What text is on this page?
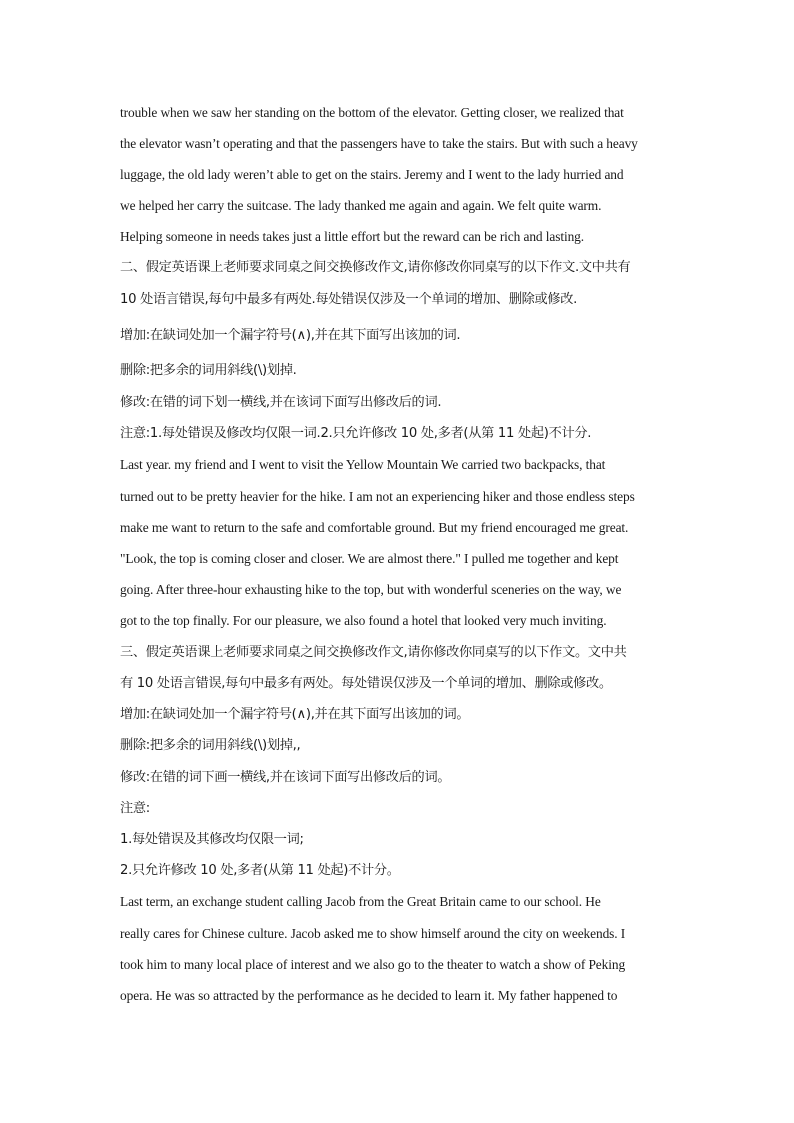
trouble when we saw her standing on the bottom of the elevator. Getting closer, we realized that
the elevator wasn’t operating and that the passengers have to take the stairs. But with such a heavy
luggage, the old lady weren’t able to get on the stairs. Jeremy and I went to the lady hurried and
we helped her carry the suitcase. The lady thanked me again and again. We felt quite warm.
Helping someone in needs takes just a little effort but the reward can be rich and lasting.
二、假定英语课上老师要求同桌之间交换修改作文,请你修改你同桌写的以下作文.文中共有
10 处语言错误,每句中最多有两处.每处错误仅涉及一个单词的增加、删除或修改.
增加:在缺词处加一个漏字符号(∧),并在其下面写出该加的词.
删除:把多余的词用斜线(\)划掉.
修改:在错的词下划一横线,并在该词下面写出修改后的词.
注意:1.每处错误及修改均仅限一词.2.只允许修改 10 处,多者(从第 11 处起)不计分.
Last year. my friend and I went to visit the Yellow Mountain We carried two backpacks, that
turned out to be pretty heavier for the hike. I am not an experiencing hiker and those endless steps
make me want to return to the safe and comfortable ground. But my friend encouraged me great.
"Look, the top is coming closer and closer. We are almost there." I pulled me together and kept
going. After three-hour exhausting hike to the top, but with wonderful sceneries on the way, we
got to the top finally. For our pleasure, we also found a hotel that looked very much inviting.
三、假定英语课上老师要求同桌之间交换修改作文,请你修改你同桌写的以下作文。文中共
有 10 处语言错误,每句中最多有两处。每处错误仅涉及一个单词的增加、删除或修改。
增加:在缺词处加一个漏字符号(∧),并在其下面写出该加的词。
删除:把多余的词用斜线(\)划掉,,
修改:在错的词下画一横线,并在该词下面写出修改后的词。
注意:
1.每处错误及其修改均仅限一词;
2.只允许修改 10 处,多者(从第 11 处起)不计分。
Last term, an exchange student calling Jacob from the Great Britain came to our school. He
really cares for Chinese culture. Jacob asked me to show himself around the city on weekends. I
took him to many local place of interest and we also go to the theater to watch a show of Peking
opera. He was so attracted by the performance as he decided to learn it. My father happened to
